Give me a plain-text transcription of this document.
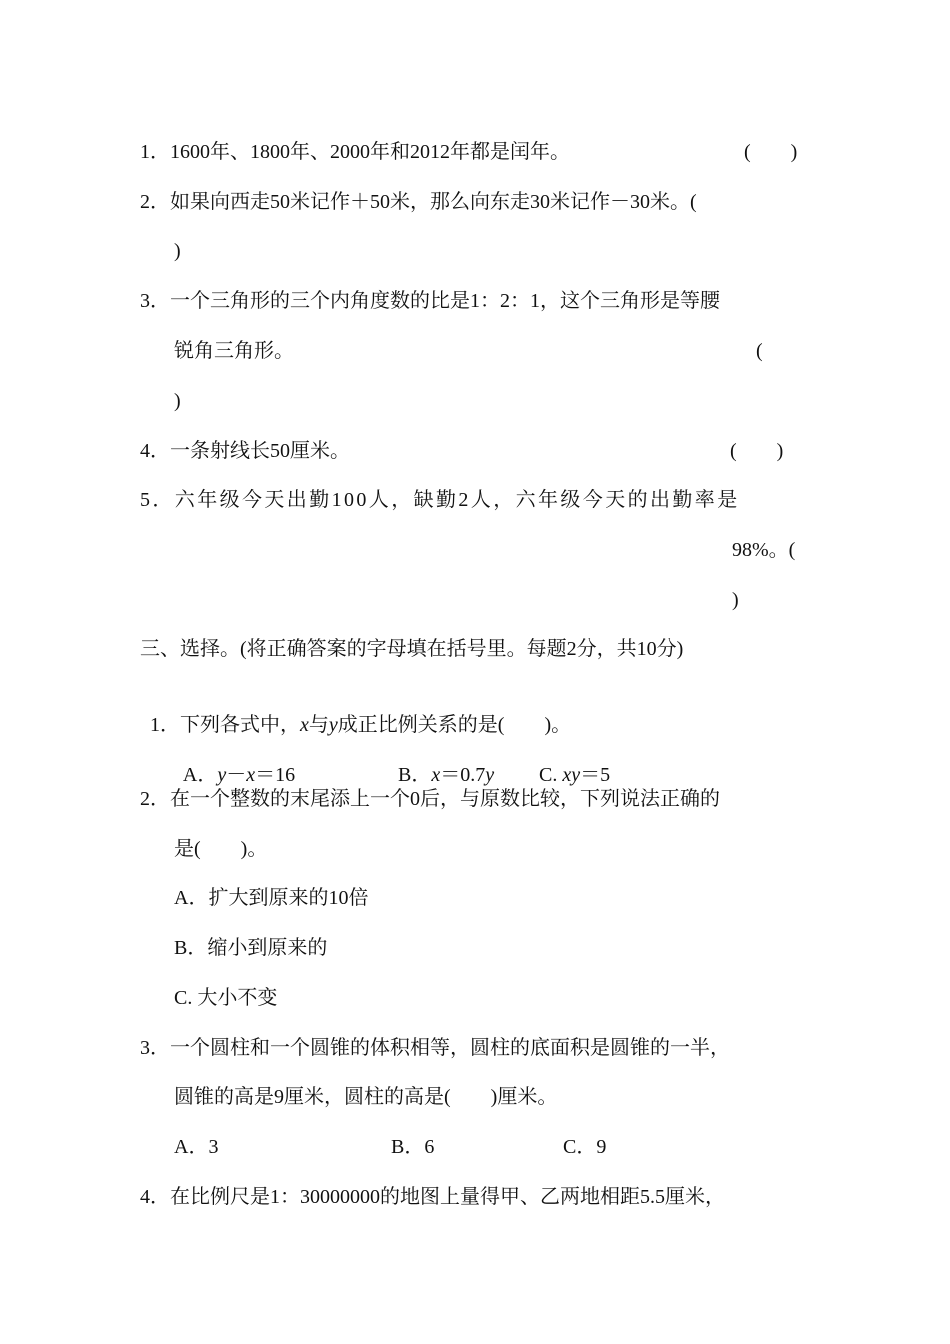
1．1600年、1800年、2000年和2012年都是闰年。	(　　)
2．如果向西走50米记作＋50米，那么向东走30米记作－30米。(
)
3．一个三角形的三个内角度数的比是1：2：1，这个三角形是等腰
锐角三角形。	(
)
4．一条射线长50厘米。	(　　)
5．六年级今天出勤100人，缺勤2人，六年级今天的出勤率是
98%。(
)
三、选择。(将正确答案的字母填在括号里。每题2分，共10分)

1．下列各式中，x与y成正比例关系的是(　　)。

A．y－x＝16	B．x＝0.7y	C. xy＝5

2．在一个整数的末尾添上一个0后，与原数比较，下列说法正确的
是(　　)。
A．扩大到原来的10倍
B．缩小到原来的
C. 大小不变
3．一个圆柱和一个圆锥的体积相等，圆柱的底面积是圆锥的一半，
圆锥的高是9厘米，圆柱的高是(　　)厘米。
A．3	B．6	C．9
4．在比例尺是1：30000000的地图上量得甲、乙两地相距5.5厘米，
